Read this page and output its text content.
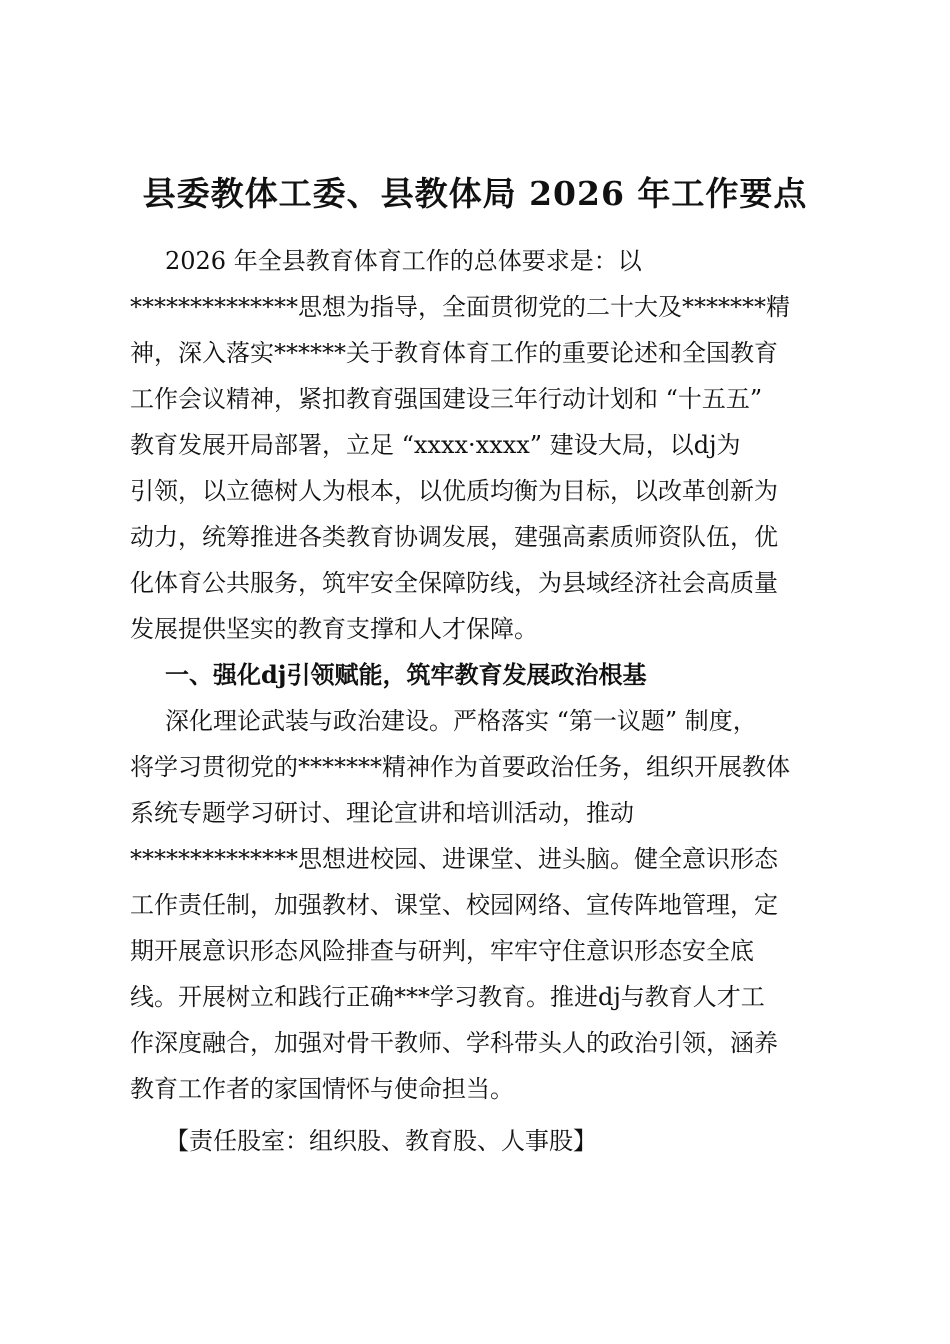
县委教体工委、县教体局 2026 年工作要点
2026 年全县教育体育工作的总体要求是：以
**************思想为指导，全面贯彻党的二十大及*******精
神，深入落实******关于教育体育工作的重要论述和全国教育
工作会议精神，紧扣教育强国建设三年行动计划和 “十五五”
教育发展开局部署，立足 “xxxx·xxxx” 建设大局，以dj为
引领，以立德树人为根本，以优质均衡为目标，以改革创新为
动力，统筹推进各类教育协调发展，建强高素质师资队伍，优
化体育公共服务，筑牢安全保障防线，为县域经济社会高质量
发展提供坚实的教育支撑和人才保障。
一、强化dj引领赋能，筑牢教育发展政治根基
深化理论武装与政治建设。严格落实 “第一议题” 制度，
将学习贯彻党的*******精神作为首要政治任务，组织开展教体
系统专题学习研讨、理论宣讲和培训活动，推动
**************思想进校园、进课堂、进头脑。健全意识形态
工作责任制，加强教材、课堂、校园网络、宣传阵地管理，定
期开展意识形态风险排查与研判，牢牢守住意识形态安全底
线。开展树立和践行正确***学习教育。推进dj与教育人才工
作深度融合，加强对骨干教师、学科带头人的政治引领，涵养
教育工作者的家国情怀与使命担当。
【责任股室：组织股、教育股、人事股】
